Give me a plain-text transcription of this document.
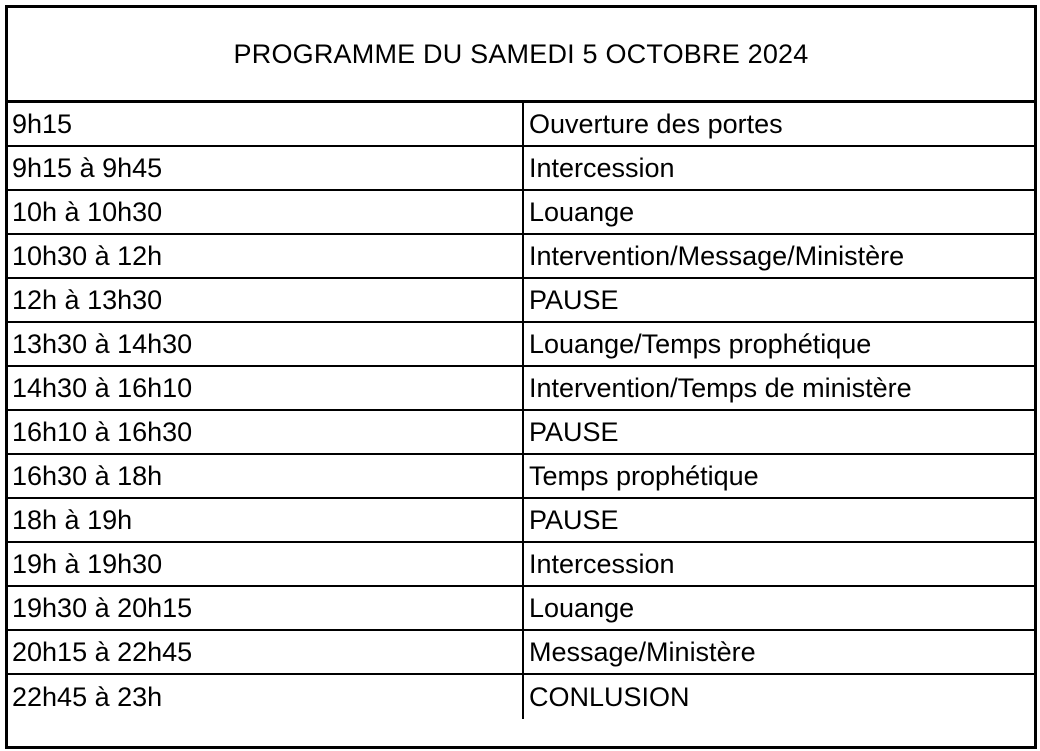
PROGRAMME DU SAMEDI 5 OCTOBRE 2024
9h15	Ouverture des portes
9h15 à 9h45	Intercession
10h à 10h30	Louange
10h30 à 12h	Intervention/Message/Ministère
12h à 13h30	PAUSE
13h30 à 14h30	Louange/Temps prophétique
14h30 à 16h10	Intervention/Temps de ministère
16h10 à 16h30	PAUSE
16h30 à 18h	Temps prophétique
18h à 19h	PAUSE
19h à 19h30	Intercession
19h30 à 20h15	Louange
20h15 à 22h45	Message/Ministère
22h45 à 23h	CONLUSION
